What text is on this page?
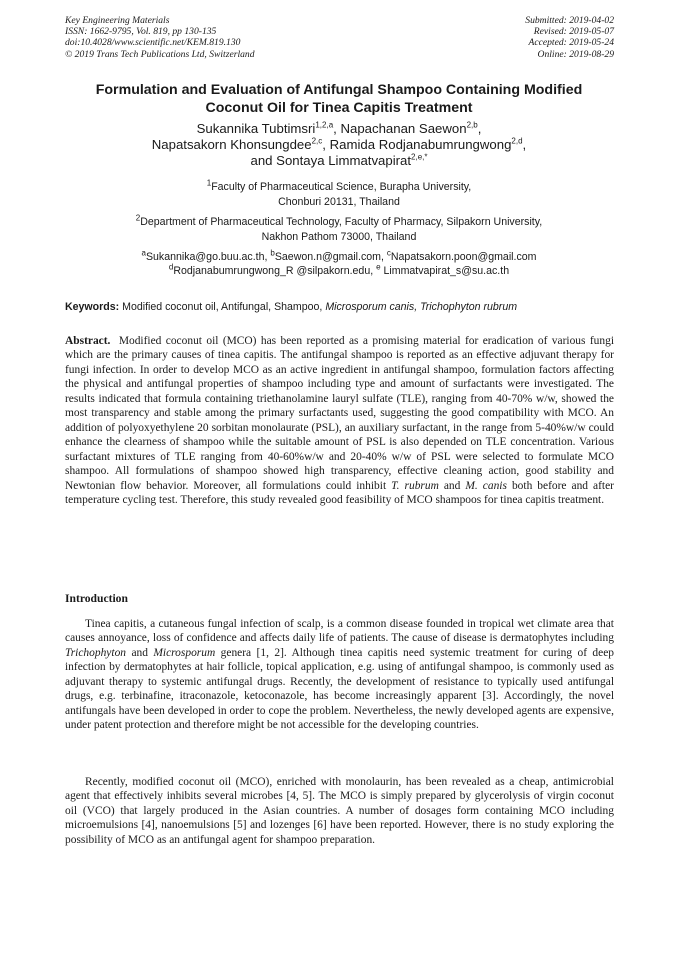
Key Engineering Materials
ISSN: 1662-9795, Vol. 819, pp 130-135
doi:10.4028/www.scientific.net/KEM.819.130
© 2019 Trans Tech Publications Ltd, Switzerland
Submitted: 2019-04-02
Revised: 2019-05-07
Accepted: 2019-05-24
Online: 2019-08-29
Formulation and Evaluation of Antifungal Shampoo Containing Modified
Coconut Oil for Tinea Capitis Treatment
Sukannika Tubtimsri$^{1,2,a}$, Napachanan Saewon$^{2,b}$,
Napatsakorn Khonsungdee$^{2,c}$, Ramida Rodjanabumrungwong$^{2,d}$,
and Sontaya Limmatvapirat$^{2,e,*}$
$^1$Faculty of Pharmaceutical Science, Burapha University,
Chonburi 20131, Thailand
$^2$Department of Pharmaceutical Technology, Faculty of Pharmacy, Silpakorn University,
Nakhon Pathom 73000, Thailand
$^a$Sukannika@go.buu.ac.th, $^b$Saewon.n@gmail.com, $^c$Napatsakorn.poon@gmail.com
$^d$Rodjanabumrungwong_R @silpakorn.edu, $^e$ Limmatvapirat_s@su.ac.th
Keywords: Modified coconut oil, Antifungal, Shampoo, Microsporum canis, Trichophyton rubrum

Abstract. Modified coconut oil (MCO) has been reported as a promising material for eradication of various fungi which are the primary causes of tinea capitis. The antifungal shampoo is reported as an effective adjuvant therapy for fungi infection. In order to develop MCO as an active ingredient in antifungal shampoo, formulation factors affecting the physical and antifungal properties of shampoo including type and amount of surfactants were investigated. The results indicated that formula containing triethanolamine lauryl sulfate (TLE), ranging from 40-70% w/w, showed the most transparency and stable among the primary surfactants used, suggesting the good compatibility with MCO. An addition of polyoxyethylene 20 sorbitan monolaurate (PSL), an auxiliary surfactant, in the range from 5-40%w/w could enhance the clearness of shampoo while the suitable amount of PSL is also depended on TLE concentration. Various surfactant mixtures of TLE ranging from 40-60%w/w and 20-40% w/w of PSL were selected to formulate MCO shampoo. All formulations of shampoo showed high transparency, effective cleaning action, good stability and Newtonian flow behavior. Moreover, all formulations could inhibit T. rubrum and M. canis both before and after temperature cycling test. Therefore, this study revealed good feasibility of MCO shampoos for tinea capitis treatment.

Introduction

Tinea capitis, a cutaneous fungal infection of scalp, is a common disease founded in tropical wet climate area that causes annoyance, loss of confidence and affects daily life of patients. The cause of disease is dermatophytes including Trichophyton and Microsporum genera [1, 2]. Although tinea capitis need systemic treatment for curing of deep infection by dermatophytes at hair follicle, topical application, e.g. using of antifungal shampoo, is commonly used as adjuvant therapy to systemic antifungal drugs. Recently, the development of resistance to typically used antifungal drugs, e.g. terbinafine, itraconazole, ketoconazole, has become increasingly apparent [3]. Accordingly, the novel antifungals have been developed in order to cope the problem. Nevertheless, the newly developed agents are expensive, under patent protection and therefore might be not accessible for the developing countries.

Recently, modified coconut oil (MCO), enriched with monolaurin, has been revealed as a cheap, antimicrobial agent that effectively inhibits several microbes [4, 5]. The MCO is simply prepared by glycerolysis of virgin coconut oil (VCO) that largely produced in the Asian countries. A number of dosages form containing MCO including microemulsions [4], nanoemulsions [5] and lozenges [6] have been reported. However, there is no study exploring the possibility of MCO as an antifungal agent for shampoo preparation.
